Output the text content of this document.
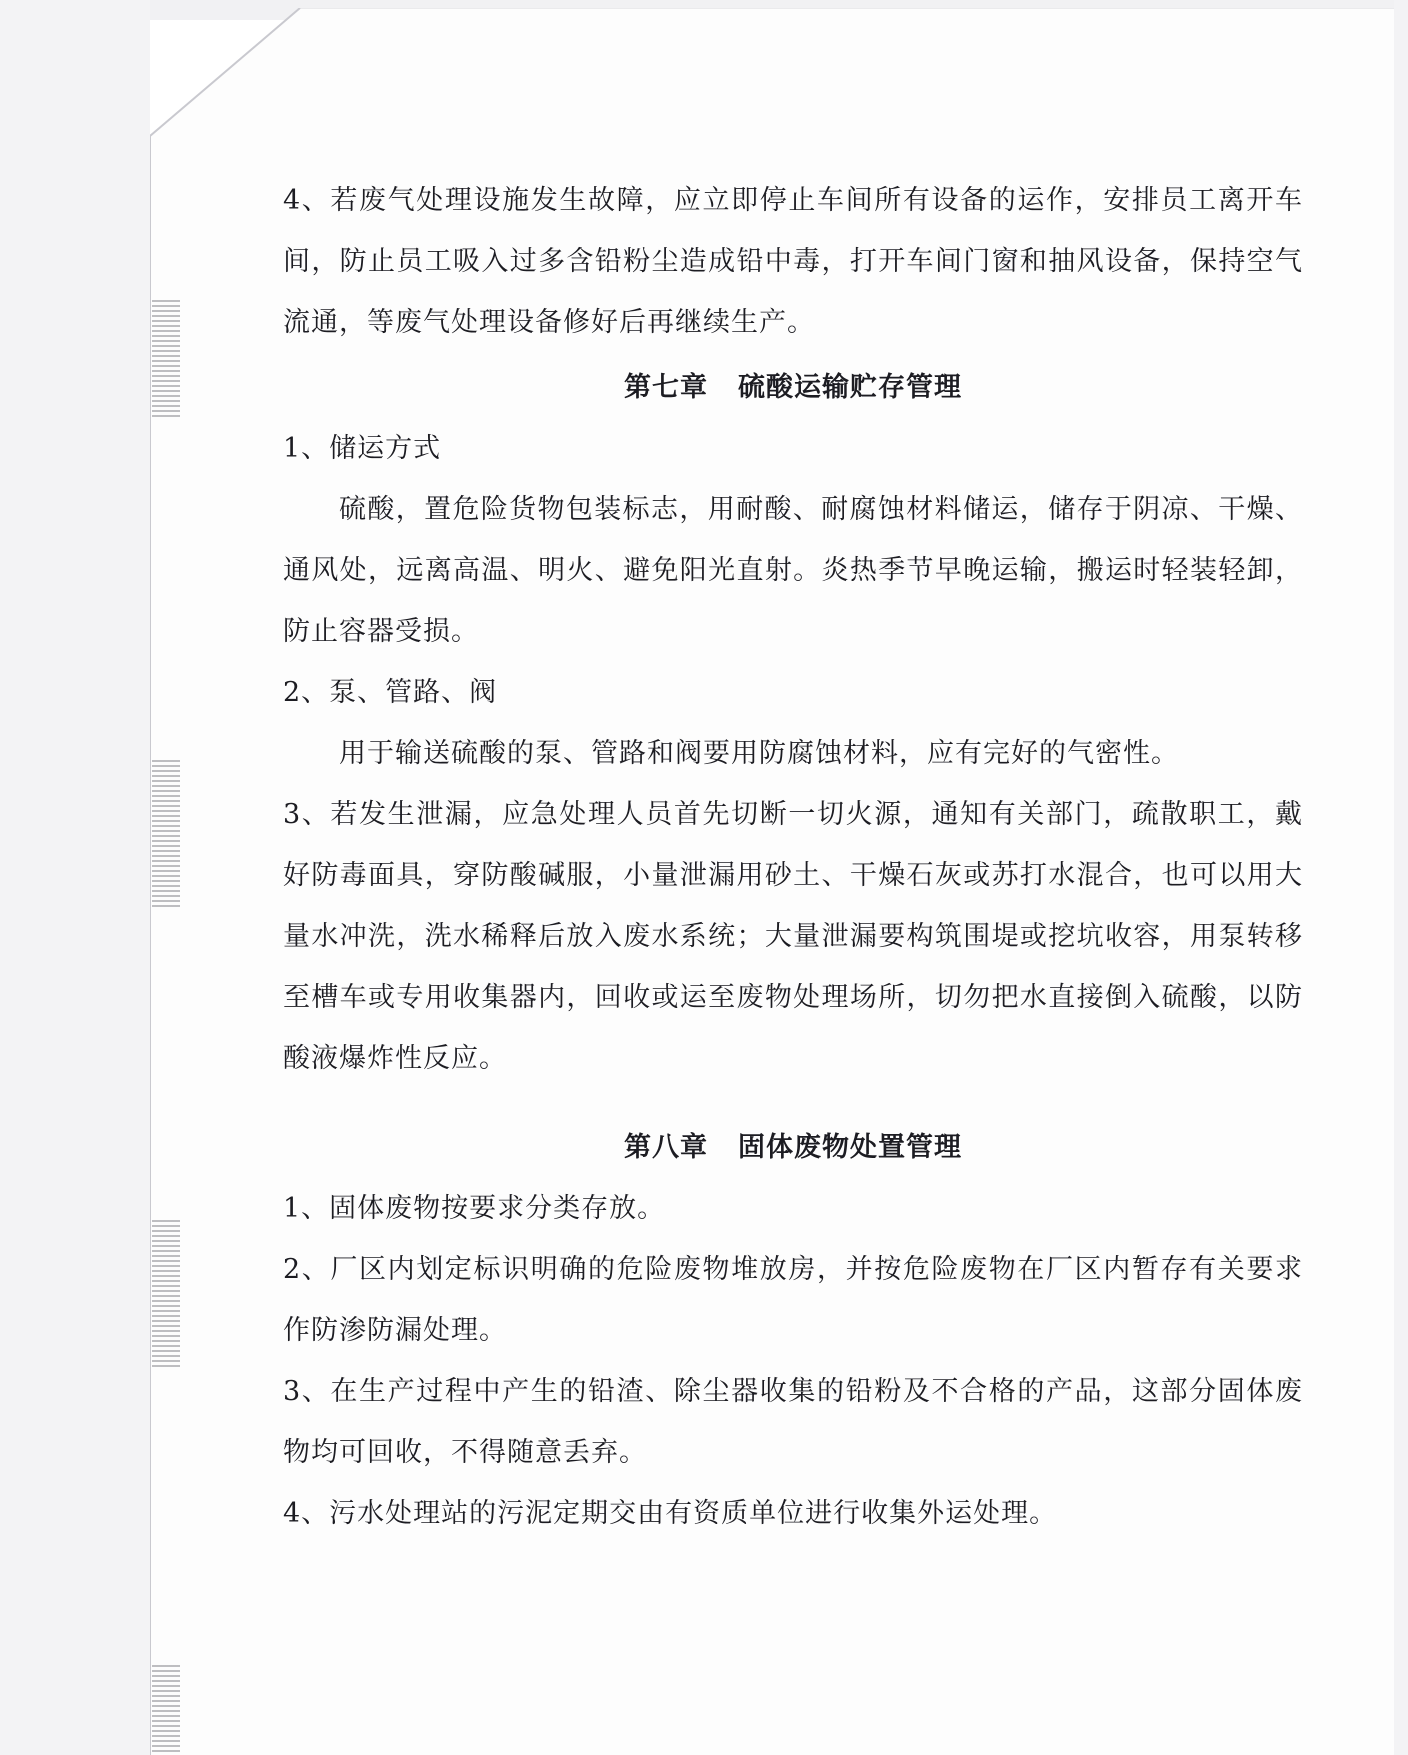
4、若废气处理设施发生故障，应立即停止车间所有设备的运作，安排员工离开车间，防止员工吸入过多含铅粉尘造成铅中毒，打开车间门窗和抽风设备，保持空气流通，等废气处理设备修好后再继续生产。

第七章 硫酸运输贮存管理

1、储运方式

硫酸，置危险货物包装标志，用耐酸、耐腐蚀材料储运，储存于阴凉、干燥、通风处，远离高温、明火、避免阳光直射。炎热季节早晚运输，搬运时轻装轻卸，防止容器受损。

2、泵、管路、阀

用于输送硫酸的泵、管路和阀要用防腐蚀材料，应有完好的气密性。

3、若发生泄漏，应急处理人员首先切断一切火源，通知有关部门，疏散职工，戴好防毒面具，穿防酸碱服，小量泄漏用砂土、干燥石灰或苏打水混合，也可以用大量水冲洗，洗水稀释后放入废水系统；大量泄漏要构筑围堤或挖坑收容，用泵转移至槽车或专用收集器内，回收或运至废物处理场所，切勿把水直接倒入硫酸，以防酸液爆炸性反应。

第八章 固体废物处置管理

1、固体废物按要求分类存放。

2、厂区内划定标识明确的危险废物堆放房，并按危险废物在厂区内暂存有关要求作防渗防漏处理。

3、在生产过程中产生的铅渣、除尘器收集的铅粉及不合格的产品，这部分固体废物均可回收，不得随意丢弃。

4、污水处理站的污泥定期交由有资质单位进行收集外运处理。
